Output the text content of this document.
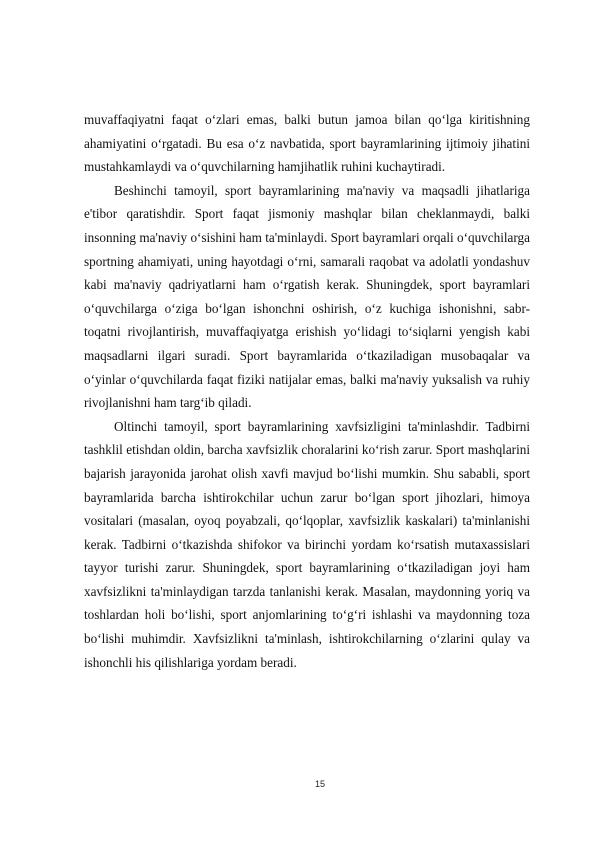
muvaffaqiyatni faqat o‘zlari emas, balki butun jamoa bilan qo‘lga kiritishning ahamiyatini o‘rgatadi. Bu esa o‘z navbatida, sport bayramlarining ijtimoiy jihatini mustahkamlaydi va o‘quvchilarning hamjihatlik ruhini kuchaytiradi.

Beshinchi tamoyil, sport bayramlarining ma'naviy va maqsadli jihatlariga e'tibor qaratishdir. Sport faqat jismoniy mashqlar bilan cheklanmaydi, balki insonning ma'naviy o‘sishini ham ta'minlaydi. Sport bayramlari orqali o‘quvchilarga sportning ahamiyati, uning hayotdagi o‘rni, samarali raqobat va adolatli yondashuv kabi ma'naviy qadriyatlarni ham o‘rgatish kerak. Shuningdek, sport bayramlari o‘quvchilarga o‘ziga bo‘lgan ishonchni oshirish, o‘z kuchiga ishonishni, sabr-toqatni rivojlantirish, muvaffaqiyatga erishish yo‘lidagi to‘siqlarni yengish kabi maqsadlarni ilgari suradi. Sport bayramlarida o‘tkaziladigan musobaqalar va o‘yinlar o‘quvchilarda faqat fiziki natijalar emas, balki ma'naviy yuksalish va ruhiy rivojlanishni ham targ‘ib qiladi.

Oltinchi tamoyil, sport bayramlarining xavfsizligini ta'minlashdir. Tadbirni tashklil etishdan oldin, barcha xavfsizlik choralarini ko‘rish zarur. Sport mashqlarini bajarish jarayonida jarohat olish xavfi mavjud bo‘lishi mumkin. Shu sababli, sport bayramlarida barcha ishtirokchilar uchun zarur bo‘lgan sport jihozlari, himoya vositalari (masalan, oyoq poyabzali, qo‘lqoplar, xavfsizlik kaskalari) ta'minlanishi kerak. Tadbirni o‘tkazishda shifokor va birinchi yordam ko‘rsatish mutaxassislari tayyor turishi zarur. Shuningdek, sport bayramlarining o‘tkaziladigan joyi ham xavfsizlikni ta'minlaydigan tarzda tanlanishi kerak. Masalan, maydonning yoriq va toshlardan holi bo‘lishi, sport anjomlarining to‘g‘ri ishlashi va maydonning toza bo‘lishi muhimdir. Xavfsizlikni ta'minlash, ishtirokchilarning o‘zlarini qulay va ishonchli his qilishlariga yordam beradi.

15
